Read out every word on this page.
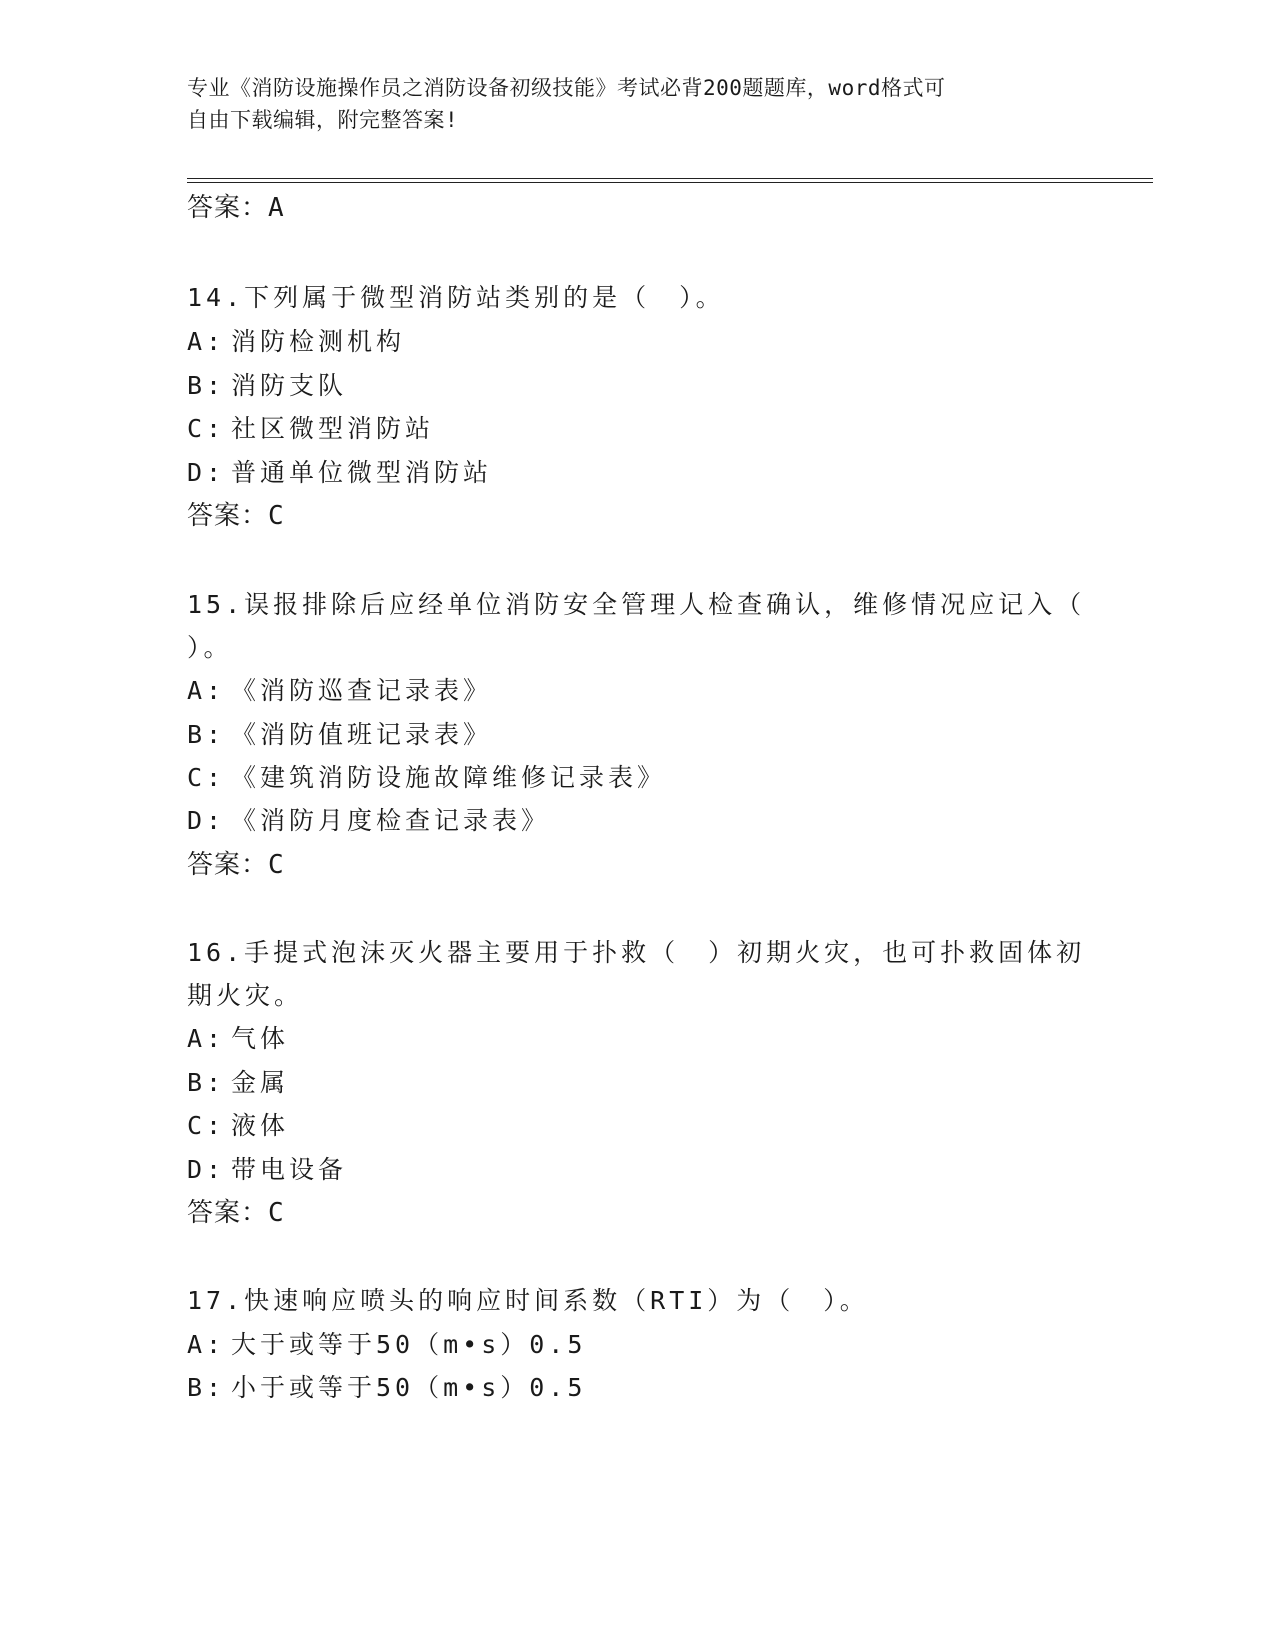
专业《消防设施操作员之消防设备初级技能》考试必背200题题库，word格式可
自由下载编辑，附完整答案!
答案：A
14.下列属于微型消防站类别的是（　）。
A: 消防检测机构
B: 消防支队
C: 社区微型消防站
D: 普通单位微型消防站
答案：C
15.误报排除后应经单位消防安全管理人检查确认，维修情况应记入（
）。
A: 《消防巡查记录表》
B: 《消防值班记录表》
C: 《建筑消防设施故障维修记录表》
D: 《消防月度检查记录表》
答案：C
16.手提式泡沫灭火器主要用于扑救（　）初期火灾，也可扑救固体初
期火灾。
A: 气体
B: 金属
C: 液体
D: 带电设备
答案：C
17.快速响应喷头的响应时间系数（RTI）为（　）。
A: 大于或等于50（m•s）0.5
B: 小于或等于50（m•s）0.5
